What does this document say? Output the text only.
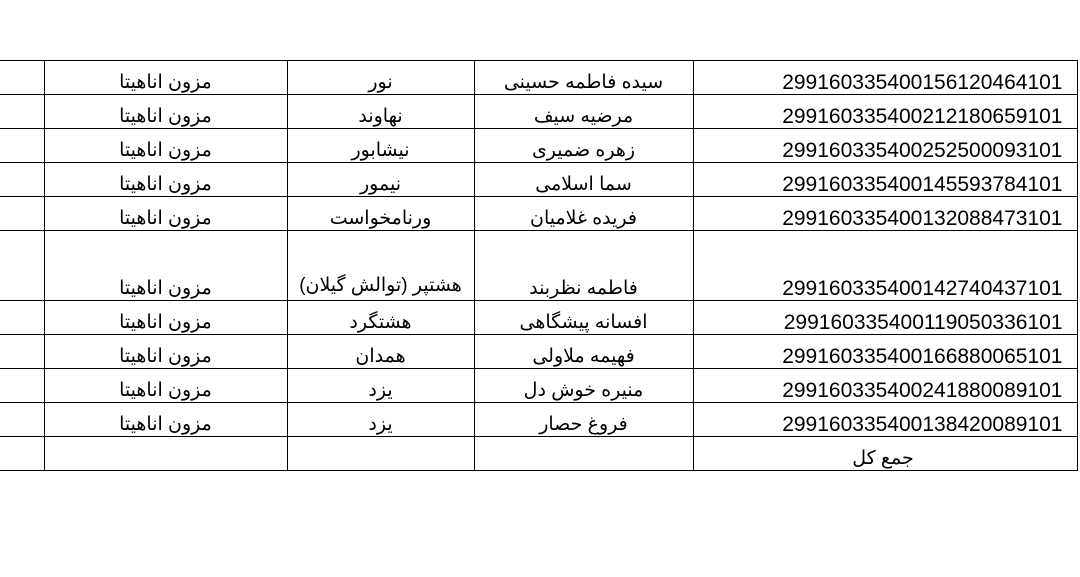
	مزون اناهیتا	نور	سیده فاطمه حسینی	299160335400156120464101
	مزون اناهیتا	نهاوند	مرضیه سیف	299160335400212180659101
	مزون اناهیتا	نیشابور	زهره ضمیری	299160335400252500093101
	مزون اناهیتا	نیمور	سما اسلامی	299160335400145593784101
	مزون اناهیتا	ورنامخواست	فریده غلامیان	299160335400132088473101
	مزون اناهیتا	هشتپر (توالش گیلان)	فاطمه نظربند	299160335400142740437101
	مزون اناهیتا	هشتگرد	افسانه پیشگاهی	299160335400119050336101
	مزون اناهیتا	همدان	فهیمه ملاولی	299160335400166880065101
	مزون اناهیتا	یزد	منیره خوش دل	299160335400241880089101
	مزون اناهیتا	یزد	فروغ حصار	299160335400138420089101
				جمع کل
